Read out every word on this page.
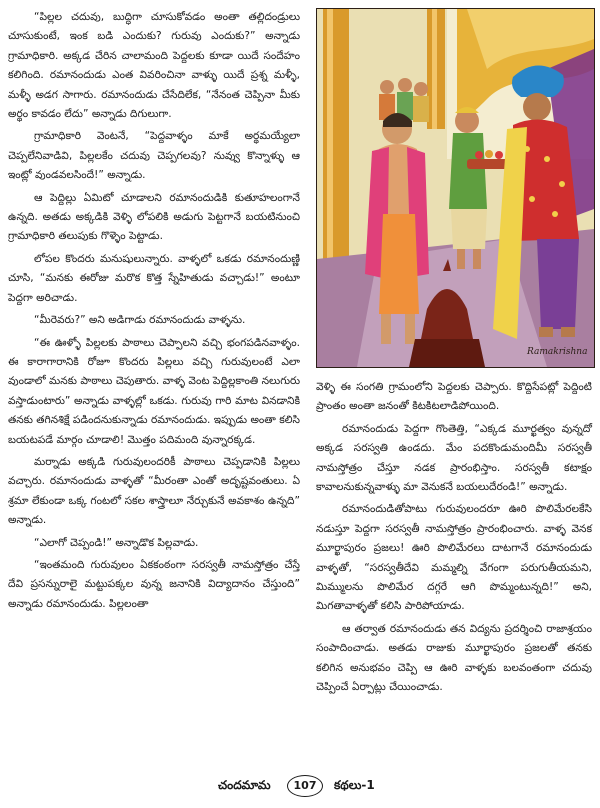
“పిల్లల చదువు, బుద్ధిగా చూసుకోవడం అంతా తల్లిదండ్రులు చూసుకుంటే, ఇంక బడి ఎందుకు? గురువు ఎందుకు?” అన్నాడు గ్రామాధికారి. అక్కడ చేరిన చాలామంది పెద్దలకు కూడా యిదే సందేహం కలిగింది. రమానందుడు ఎంత వివరించినా వాళ్ళు యిదే ప్రశ్న మళ్ళీ, మళ్ళీ అడగ సాగారు. రమానందుడు చేసేదిలేక, “నేనంత చెప్పినా మీకు అర్థం కావడం లేదు” అన్నాడు దిగులుగా.

గ్రామాధికారి వెంటనే, “పెద్దవాళ్ళం మాకే అర్థమయ్యేలా చెప్పలేనివాడివి, పిల్లలకేం చదువు చెప్పగలవు? నువ్వు కొన్నాళ్ళు ఆ ఇంట్లో వుండవలసిందే!” అన్నాడు.

ఆ పెద్దిల్లు ఏమిటో చూడాలని రమానందుడికి కుతూహలంగానే ఉన్నది. అతడు అక్కడికి వెళ్ళి లోపలికి అడుగు పెట్టగానే బయటినుంచి గ్రామాధికారి తలుపుకు గొళ్ళెం పెట్టాడు.

లోపల కొందరు మనుషులున్నారు. వాళ్ళలో ఒకడు రమానందుణ్ణి చూసి, “మనకు ఈరోజు మరొక కొత్త స్నేహితుడు వచ్చాడు!” అంటూ పెద్దగా అరిచాడు.

“మీరెవరు?” అని అడిగాడు రమానందుడు వాళ్ళను.

“ఈ ఊళ్ళో పిల్లలకు పాఠాలు చెప్పాలని వచ్చి భంగపడినవాళ్ళం. ఈ కారాగారానికి రోజూ కొందరు పిల్లలు వచ్చి గురువులంటే ఎలా వుండాలో మనకు పాఠాలు చెపుతారు. వాళ్ళ వెంట పెద్దిల్లకాంతి నలుగురు వస్తాడుంటారు” అన్నాడు వాళ్ళల్లో ఒకడు. గురువు గారి మాట వినడానికి తనకు తగినశిక్షే పడిందనుకున్నాడు రమానందుడు. ఇప్పుడు అంతా కలిసి బయటపడే మార్గం చూడాలి! మొత్తం పదిమంది వున్నారక్కడ.

మర్నాడు అక్కడి గురువులందరికీ పాఠాలు చెప్పడానికి పిల్లలు వచ్చారు. రమానందుడు వాళ్ళతో “మీరంతా ఎంతో అదృష్టవంతులు. ఏ శ్రమా లేకుండా ఒక్క గంటలో సకల శాస్త్రాలూ నేర్చుకునే అవకాశం ఉన్నది” అన్నాడు.

“ఎలాగో చెప్పండి!” అన్నాడొక పిల్లవాడు.

“ఇంతమంది గురువులం ఏకకంఠంగా సరస్వతీ నామస్తోత్రం చేస్తే దేవి ప్రసన్నురాలై మట్టుపక్కల వున్న జనానికి విద్యాదానం చేస్తుంది” అన్నాడు రమానందుడు. పిల్లలంతా

Ramakrishna

వెళ్ళి ఈ సంగతి గ్రామంలోని పెద్దలకు చెప్పారు. కొద్దిసేపట్లో పెద్దింటి ప్రాంతం అంతా జనంతో కిటకిటలాడిపోయింది.

రమానందుడు పెద్దగా గొంతెత్తి, “ఎక్కడ మూర్ఖత్వం వున్నదో అక్కడ సరస్వతి ఉండదు. మేం పదకొండుమందిమీ సరస్వతీ నామస్తోత్రం చేస్తూ నడక ప్రారంభిస్తాం. సరస్వతీ కటాక్షం కావాలనుకున్నవాళ్ళు మా వెనుకనే బయలుదేరండి!” అన్నాడు.

రమానందుడితోపాటు గురువులందరూ ఊరి పొలిమేరలకేసి నడుస్తూ పెద్దగా సరస్వతీ నామస్తోత్రం ప్రారంభించారు. వాళ్ళ వెనక మూర్ఖాపురం ప్రజలు! ఊరి పొలిమేరలు దాటగానే రమానందుడు వాళ్ళతో, “సరస్వతీదేవి మమ్మల్ని వేగంగా పరుగుతీయమని, మిమ్ములను పొలిమేర దగ్గరే ఆగి పొమ్మంటున్నది!” అని, మిగతావాళ్ళతో కలిసి పారిపోయాడు.

ఆ తర్వాత రమానందుడు తన విద్యను ప్రదర్శించి రాజాశ్రయం సంపాదించాడు. అతడు రాజుకు మూర్ఖాపురం ప్రజలతో తనకు కలిగిన అనుభవం చెప్పి ఆ ఊరి వాళ్ళకు బలవంతంగా చదువు చెప్పించే ఏర్పాట్లు చేయించాడు.

చందమామ	107	కథలు-1
